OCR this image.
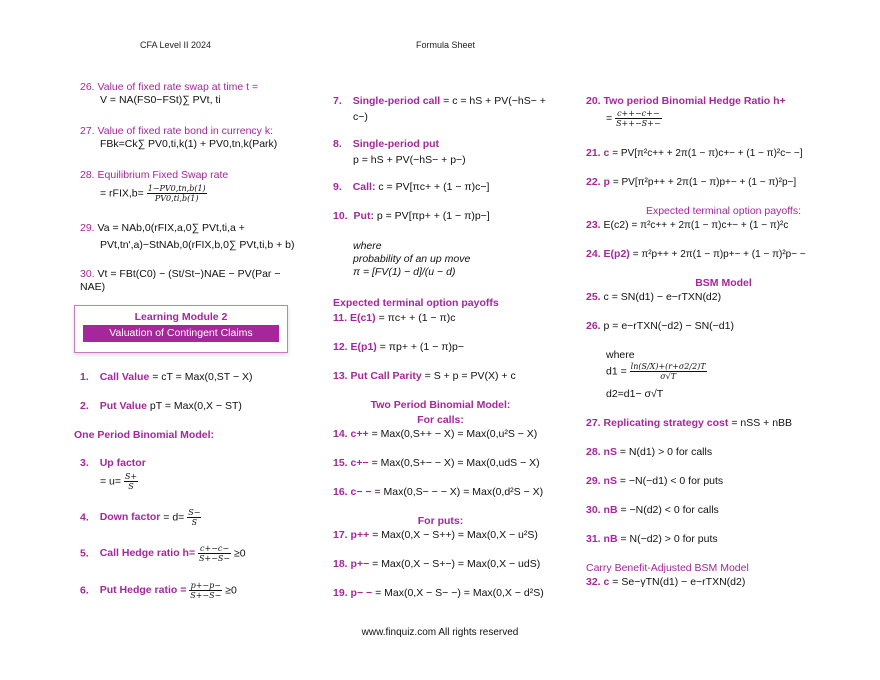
CFA Level II 2024	Formula Sheet
26. Value of fixed rate swap at time t =
V = NA(FS0−FSt)∑ PVt, ti
27. Value of fixed rate bond in currency k:
FBk=Ck∑ PV0,ti,k(1) + PV0,tn,k(Park)
28. Equilibrium Fixed Swap rate
= rFIX,b= $\frac{1-PV0,tn,b(1)}{PV0,ti,b(1)}$
29. Va = NAb,0(rFIX,a,0∑ PVt,ti,a +
PVt,tn',a)−StNAb,0(rFIX,b,0∑ PVt,ti,b + b)
30. Vt = FBt(C0) − (St/St−)NAE − PV(Par − NAE)
Learning Module 2
Valuation of Contingent Claims
1. Call Value = cT = Max(0,ST − X)
2. Put Value pT = Max(0,X − ST)
One Period Binomial Model:
3. Up factor
= $u= \frac{S+}{S}$
4. Down factor = $d= \frac{S-}{S}$
5. Call Hedge ratio $h= \frac{c+-c-}{S+-S-} \ge 0$
6. Put Hedge ratio = $\frac{p+-p-}{S+-S-} \ge 0$
7. Single-period call = c = hS + PV(−hS− +
c−)
8. Single-period put
p = hS + PV(−hS− + p−)
9. Call: c = PV[πc+ + (1 − π)c−]
10. Put: p = PV[πp+ + (1 − π)p−]
where
probability of an up move
π = [FV(1) − d]/(u − d)
Expected terminal option payoffs
11. E(c1) = πc+ + (1 − π)c
12. E(p1) = πp+ + (1 − π)p−
13. Put Call Parity = S + p = PV(X) + c
Two Period Binomial Model:
For calls:
14. c++ = Max(0,S++ − X) = Max(0,u²S − X)
15. c+− = Max(0,S+− − X) = Max(0,udS − X)
16. c− − = Max(0,S− − − X) = Max(0,d²S − X)
For puts:
17. p++ = Max(0,X − S++) = Max(0,X − u²S)
18. p+− = Max(0,X − S+−) = Max(0,X − udS)
19. p− − = Max(0,X − S− −) = Max(0,X − d²S)
20. Two period Binomial Hedge Ratio h+
= $\frac{c++-c+-}{S++-S+-}$
21. c = PV[π²c++ + 2π(1 − π)c+− + (1 − π)²c− −]
22. p = PV[π²p++ + 2π(1 − π)p+− + (1 − π)²p−]
Expected terminal option payoffs:
23. E(c2) = π²c++ + 2π(1 − π)c+− + (1 − π)²c
24. E(p2) = π²p++ + 2π(1 − π)p+− + (1 − π)²p− −
BSM Model
25. c = SN(d1) − e−rTXN(d2)
26. p = e−rTXN(−d2) − SN(−d1)
where
$d1 = \frac{\ln(S/X)+(r+\sigma 2/2)T}{\sigma√T}$
d2=d1− σ√T
27. Replicating strategy cost = nSS + nBB
28. nS = N(d1) > 0 for calls
29. nS = −N(−d1) < 0 for puts
30. nB = −N(d2) < 0 for calls
31. nB = N(−d2) > 0 for puts
Carry Benefit-Adjusted BSM Model
32. c = Se−γTN(d1) − e−rTXN(d2)
www.finquiz.com All rights reserved
